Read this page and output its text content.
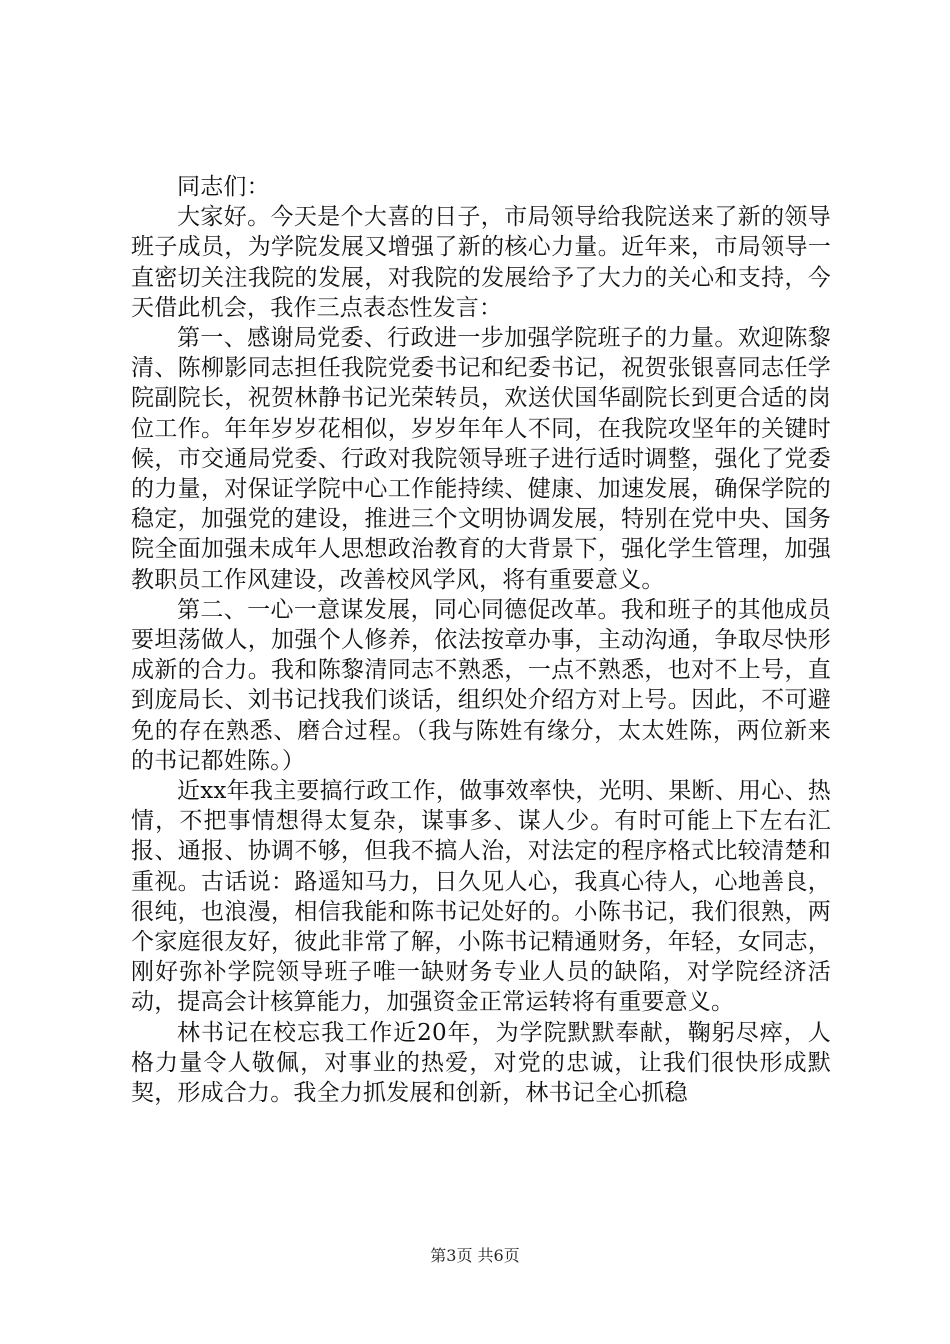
同志们：

大家好。今天是个大喜的日子，市局领导给我院送来了新的领导班子成员，为学院发展又增强了新的核心力量。近年来，市局领导一直密切关注我院的发展，对我院的发展给予了大力的关心和支持，今天借此机会，我作三点表态性发言：

第一、感谢局党委、行政进一步加强学院班子的力量。欢迎陈黎清、陈柳影同志担任我院党委书记和纪委书记，祝贺张银喜同志任学院副院长，祝贺林静书记光荣转员，欢送伏国华副院长到更合适的岗位工作。年年岁岁花相似，岁岁年年人不同，在我院攻坚年的关键时候，市交通局党委、行政对我院领导班子进行适时调整，强化了党委的力量，对保证学院中心工作能持续、健康、加速发展，确保学院的稳定，加强党的建设，推进三个文明协调发展，特别在党中央、国务院全面加强未成年人思想政治教育的大背景下，强化学生管理，加强教职员工作风建设，改善校风学风，将有重要意义。

第二、一心一意谋发展，同心同德促改革。我和班子的其他成员要坦荡做人，加强个人修养，依法按章办事，主动沟通，争取尽快形成新的合力。我和陈黎清同志不熟悉，一点不熟悉，也对不上号，直到庞局长、刘书记找我们谈话，组织处介绍方对上号。因此，不可避免的存在熟悉、磨合过程。（我与陈姓有缘分，太太姓陈，两位新来的书记都姓陈。）

近xx年我主要搞行政工作，做事效率快，光明、果断、用心、热情，不把事情想得太复杂，谋事多、谋人少。有时可能上下左右汇报、通报、协调不够，但我不搞人治，对法定的程序格式比较清楚和重视。古话说：路遥知马力，日久见人心，我真心待人，心地善良，很纯，也浪漫，相信我能和陈书记处好的。小陈书记，我们很熟，两个家庭很友好，彼此非常了解，小陈书记精通财务，年轻，女同志，刚好弥补学院领导班子唯一缺财务专业人员的缺陷，对学院经济活动，提高会计核算能力，加强资金正常运转将有重要意义。

林书记在校忘我工作近20年，为学院默默奉献，鞠躬尽瘁，人格力量令人敬佩，对事业的热爱，对党的忠诚，让我们很快形成默契，形成合力。我全力抓发展和创新，林书记全心抓稳

第3页 共6页
